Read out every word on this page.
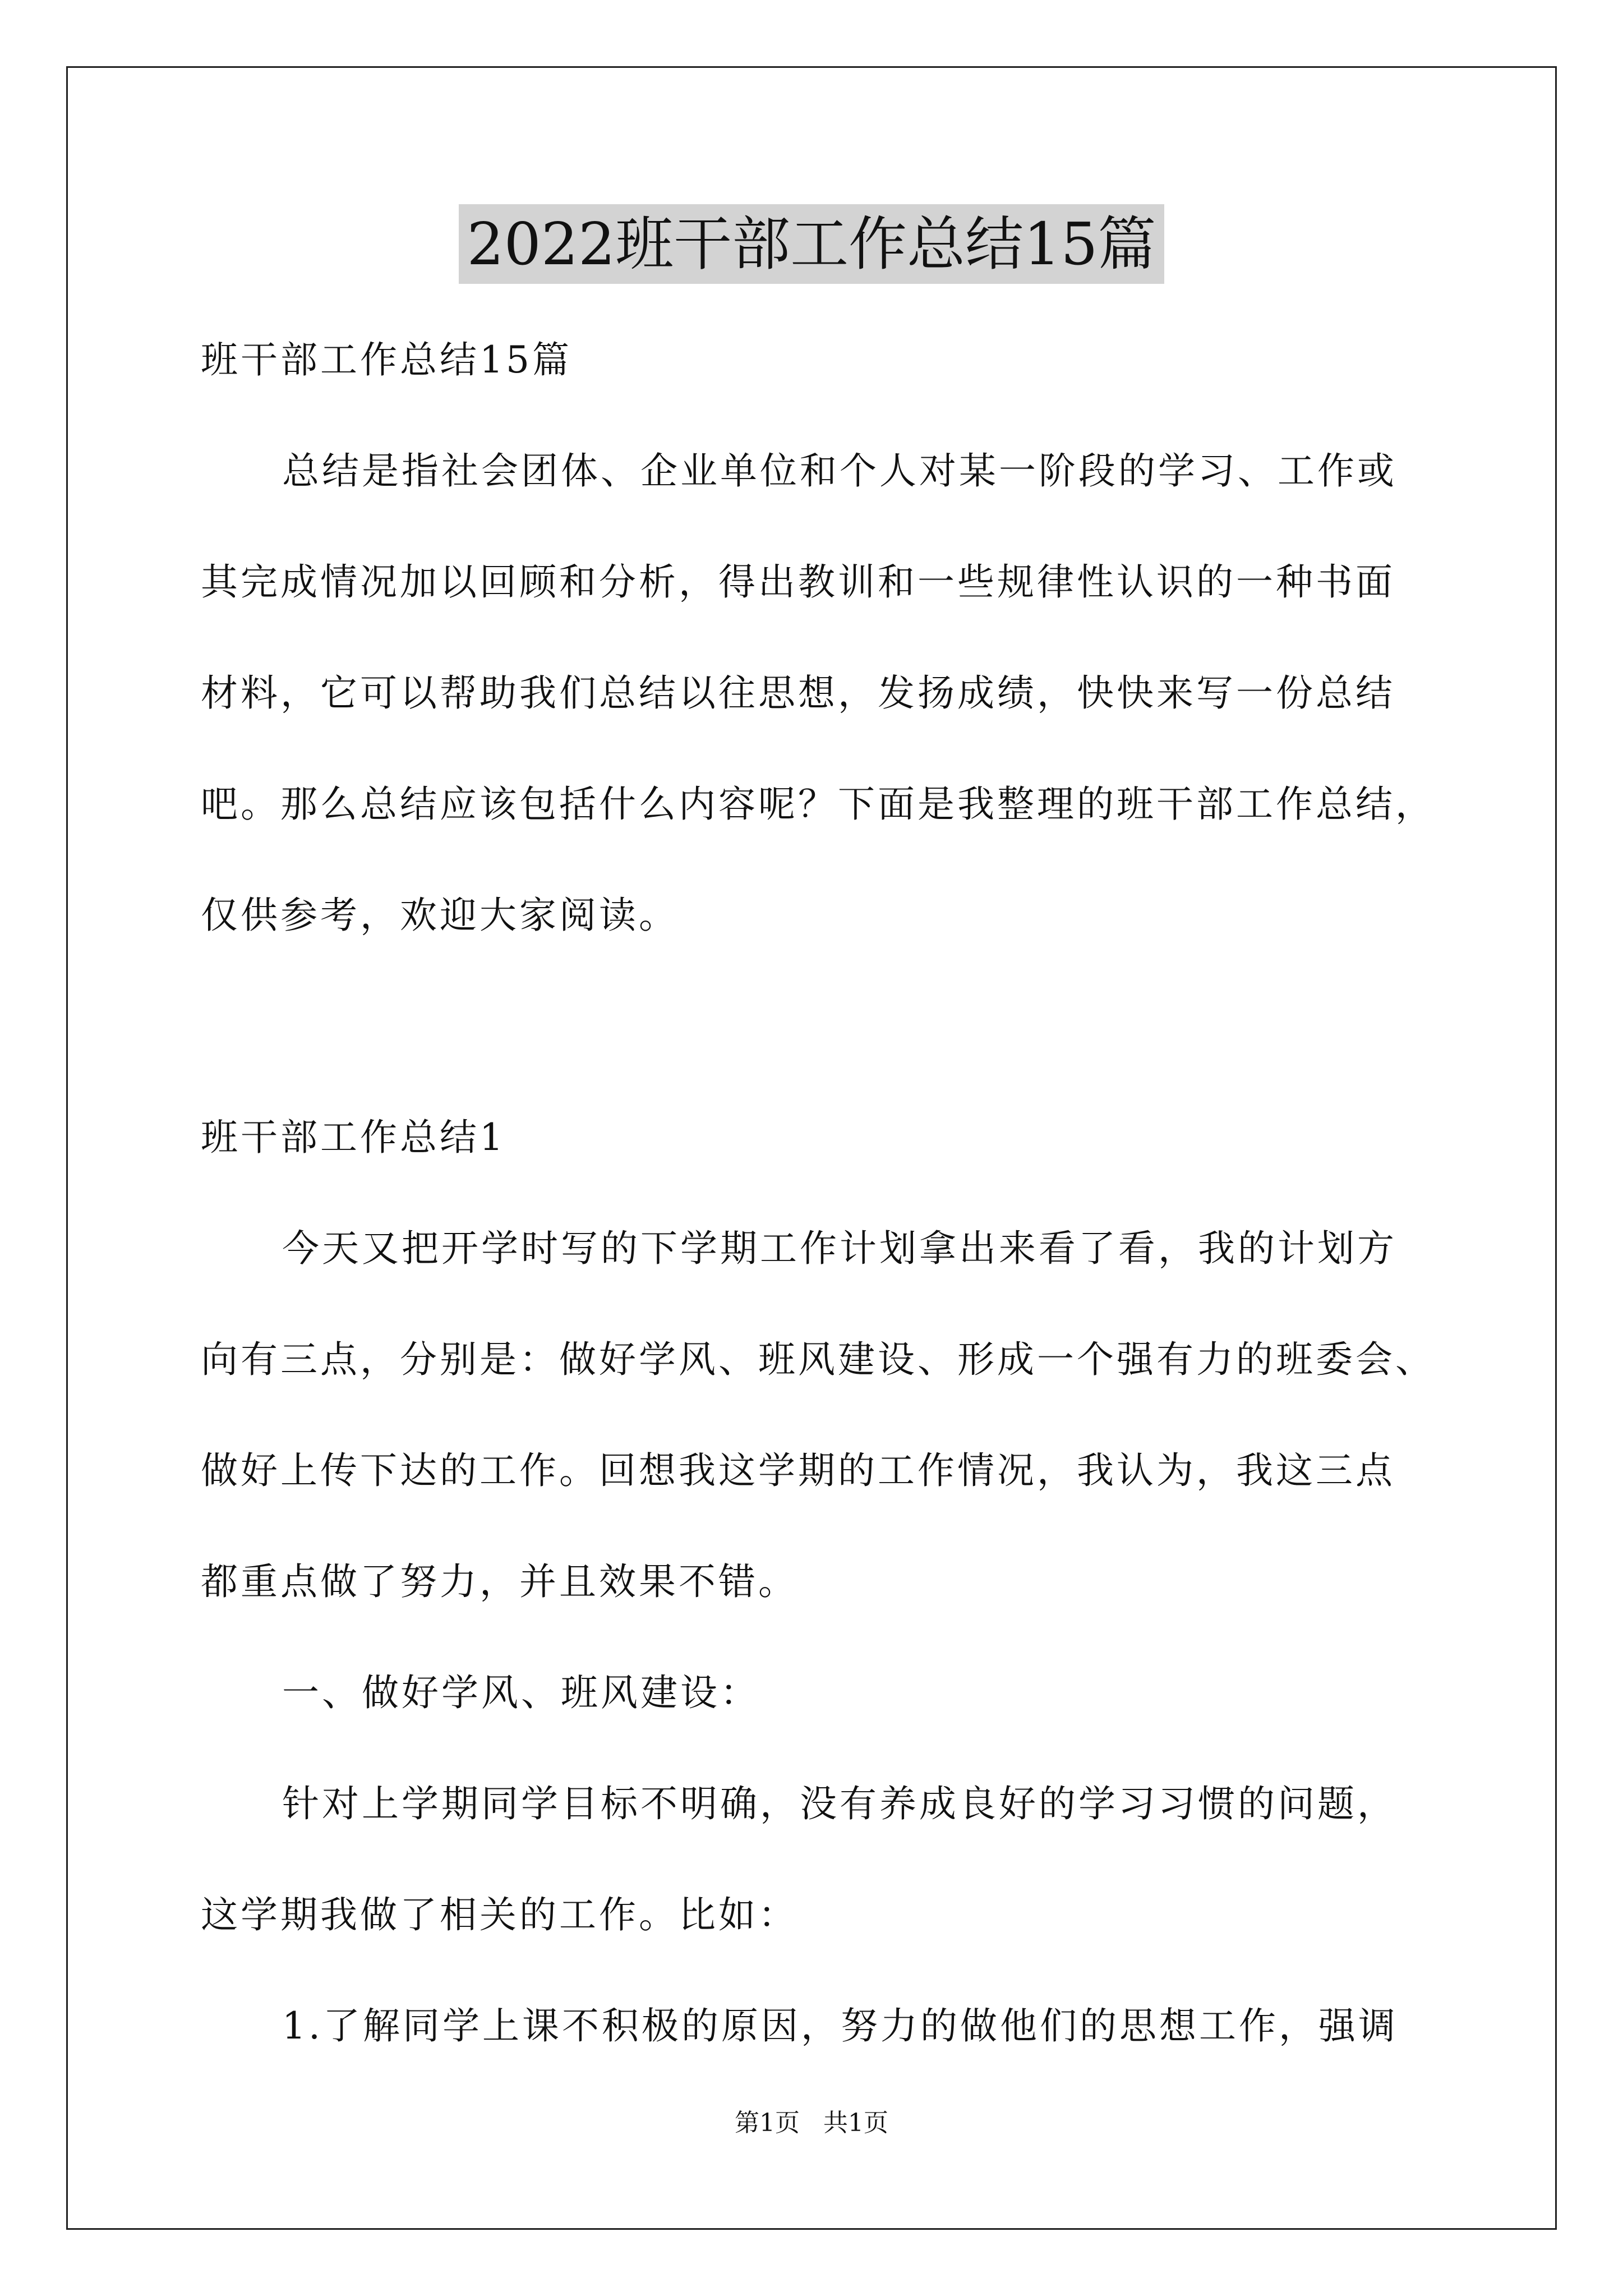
2022班干部工作总结15篇
班干部工作总结15篇
总结是指社会团体、企业单位和个人对某一阶段的学习、工作或
其完成情况加以回顾和分析，得出教训和一些规律性认识的一种书面
材料，它可以帮助我们总结以往思想，发扬成绩，快快来写一份总结
吧。那么总结应该包括什么内容呢？下面是我整理的班干部工作总结，
仅供参考，欢迎大家阅读。
班干部工作总结1
今天又把开学时写的下学期工作计划拿出来看了看，我的计划方
向有三点，分别是：做好学风、班风建设、形成一个强有力的班委会、
做好上传下达的工作。回想我这学期的工作情况，我认为，我这三点
都重点做了努力，并且效果不错。
一、做好学风、班风建设：
针对上学期同学目标不明确，没有养成良好的学习习惯的问题，
这学期我做了相关的工作。比如：
1.了解同学上课不积极的原因，努力的做他们的思想工作，强调
第1页   共1页
